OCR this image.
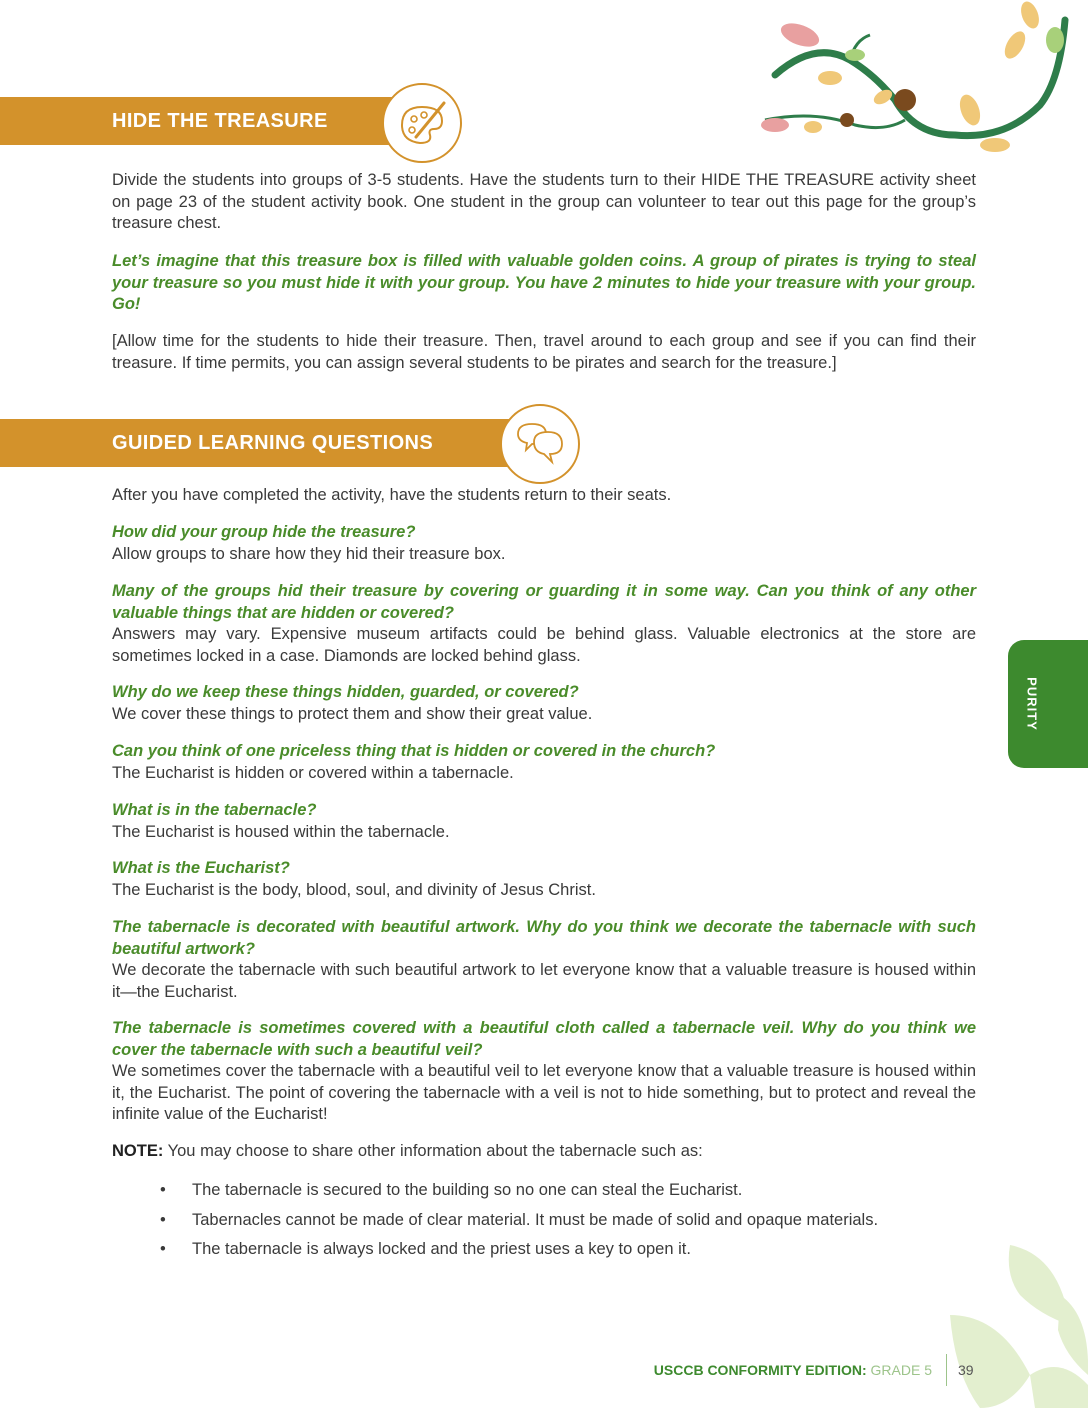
HIDE THE TREASURE

Divide the students into groups of 3-5 students. Have the students turn to their HIDE THE TREASURE activity sheet on page 23 of the student activity book. One student in the group can volunteer to tear out this page for the group’s treasure chest.

Let’s imagine that this treasure box is filled with valuable golden coins. A group of pirates is trying to steal your treasure so you must hide it with your group. You have 2 minutes to hide your treasure with your group. Go!

[Allow time for the students to hide their treasure. Then, travel around to each group and see if you can find their treasure. If time permits, you can assign several students to be pirates and search for the treasure.]

GUIDED LEARNING QUESTIONS

After you have completed the activity, have the students return to their seats.

How did your group hide the treasure?

Allow groups to share how they hid their treasure box.

Many of the groups hid their treasure by covering or guarding it in some way. Can you think of any other valuable things that are hidden or covered?

Answers may vary. Expensive museum artifacts could be behind glass. Valuable electronics at the store are sometimes locked in a case. Diamonds are locked behind glass.

Why do we keep these things hidden, guarded, or covered?

We cover these things to protect them and show their great value.

Can you think of one priceless thing that is hidden or covered in the church?

The Eucharist is hidden or covered within a tabernacle.

What is in the tabernacle?

The Eucharist is housed within the tabernacle.

What is the Eucharist?

The Eucharist is the body, blood, soul, and divinity of Jesus Christ.

The tabernacle is decorated with beautiful artwork. Why do you think we decorate the tabernacle with such beautiful artwork?

We decorate the tabernacle with such beautiful artwork to let everyone know that a valuable treasure is housed within it—the Eucharist.

The tabernacle is sometimes covered with a beautiful cloth called a tabernacle veil. Why do you think we cover the tabernacle with such a beautiful veil?

We sometimes cover the tabernacle with a beautiful veil to let everyone know that a valuable treasure is housed within it, the Eucharist. The point of covering the tabernacle with a veil is not to hide something, but to protect and reveal the infinite value of the Eucharist!

NOTE: You may choose to share other information about the tabernacle such as:

• The tabernacle is secured to the building so no one can steal the Eucharist.
• Tabernacles cannot be made of clear material. It must be made of solid and opaque materials.
• The tabernacle is always locked and the priest uses a key to open it.
PURITY
USCCB CONFORMITY EDITION: GRADE 5 39
